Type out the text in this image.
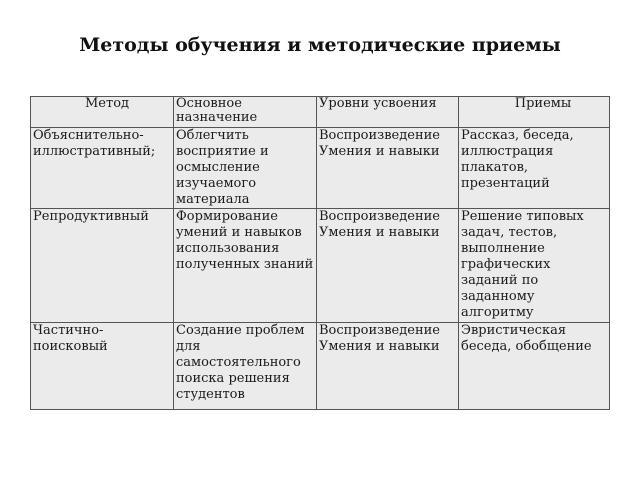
Методы обучения и методические приемы
Метод	Основное назначение	Уровни усвоения	Приемы
Объяснительно-иллюстративный;	Облегчить восприятие и осмысление изучаемого материала	Воспроизведение Умения и навыки	Рассказ, беседа, иллюстрация плакатов, презентаций
Репродуктивный	Формирование умений и навыков использования полученных знаний	Воспроизведение Умения и навыки	Решение типовых задач, тестов, выполнение графических заданий по заданному алгоритму
Частично-поисковый	Создание проблем для самостоятельного поиска решения студентов	Воспроизведение Умения и навыки	Эвристическая беседа, обобщение
